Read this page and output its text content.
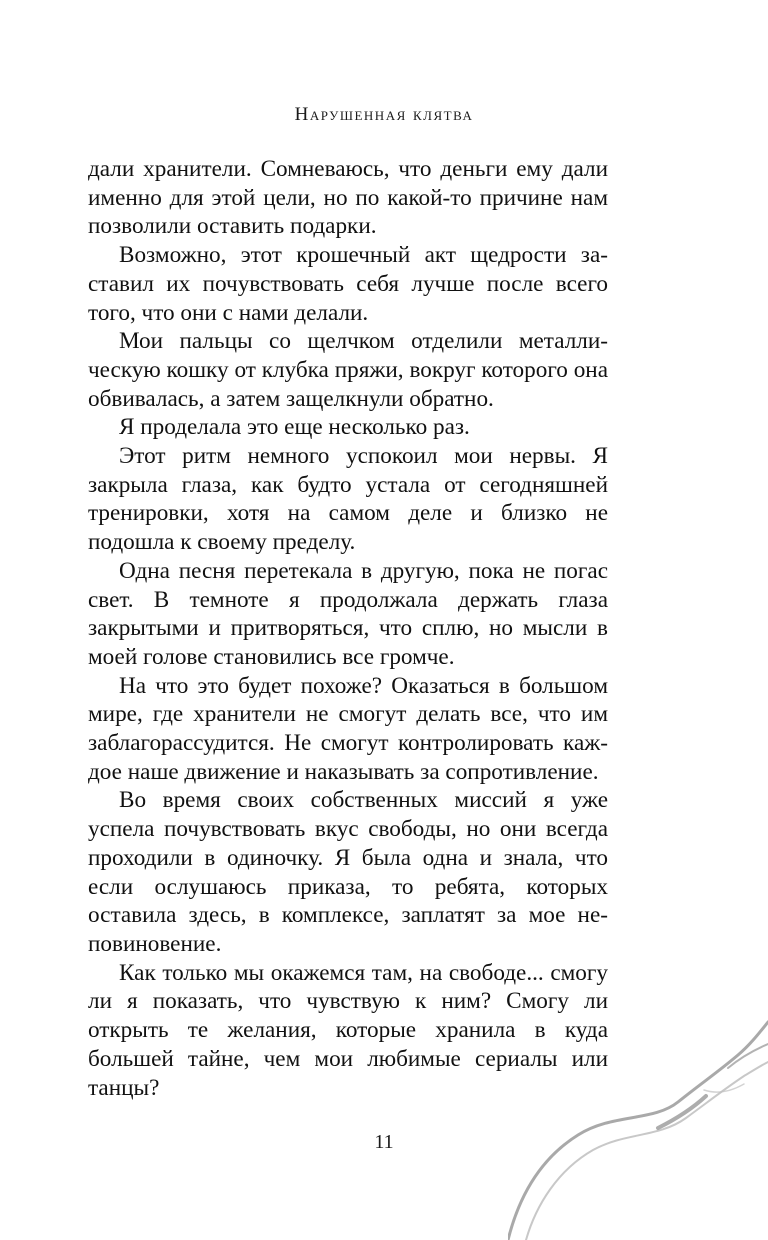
Нарушенная клятва

дали хранители. Сомневаюсь, что деньги ему дали именно для этой цели, но по какой-то причине нам позволили оставить подарки.

Возможно, этот крошечный акт щедрости заставил их почувствовать себя лучше после всего того, что они с нами делали.

Мои пальцы со щелчком отделили металлическую кошку от клубка пряжи, вокруг которого она обвивалась, а затем защелкнули обратно.

Я проделала это еще несколько раз.

Этот ритм немного успокоил мои нервы. Я закрыла глаза, как будто устала от сегодняшней тренировки, хотя на самом деле и близко не подошла к своему пределу.

Одна песня перетекала в другую, пока не погас свет. В темноте я продолжала держать глаза закрытыми и притворяться, что сплю, но мысли в моей голове становились все громче.

На что это будет похоже? Оказаться в большом мире, где хранители не смогут делать все, что им заблагорассудится. Не смогут контролировать каждое наше движение и наказывать за сопротивление.

Во время своих собственных миссий я уже успела почувствовать вкус свободы, но они всегда проходили в одиночку. Я была одна и знала, что если ослушаюсь приказа, то ребята, которых оставила здесь, в комплексе, заплатят за мое неповиновение.

Как только мы окажемся там, на свободе... смогу ли я показать, что чувствую к ним? Смогу ли открыть те желания, которые хранила в куда большей тайне, чем мои любимые сериалы или танцы?

11
